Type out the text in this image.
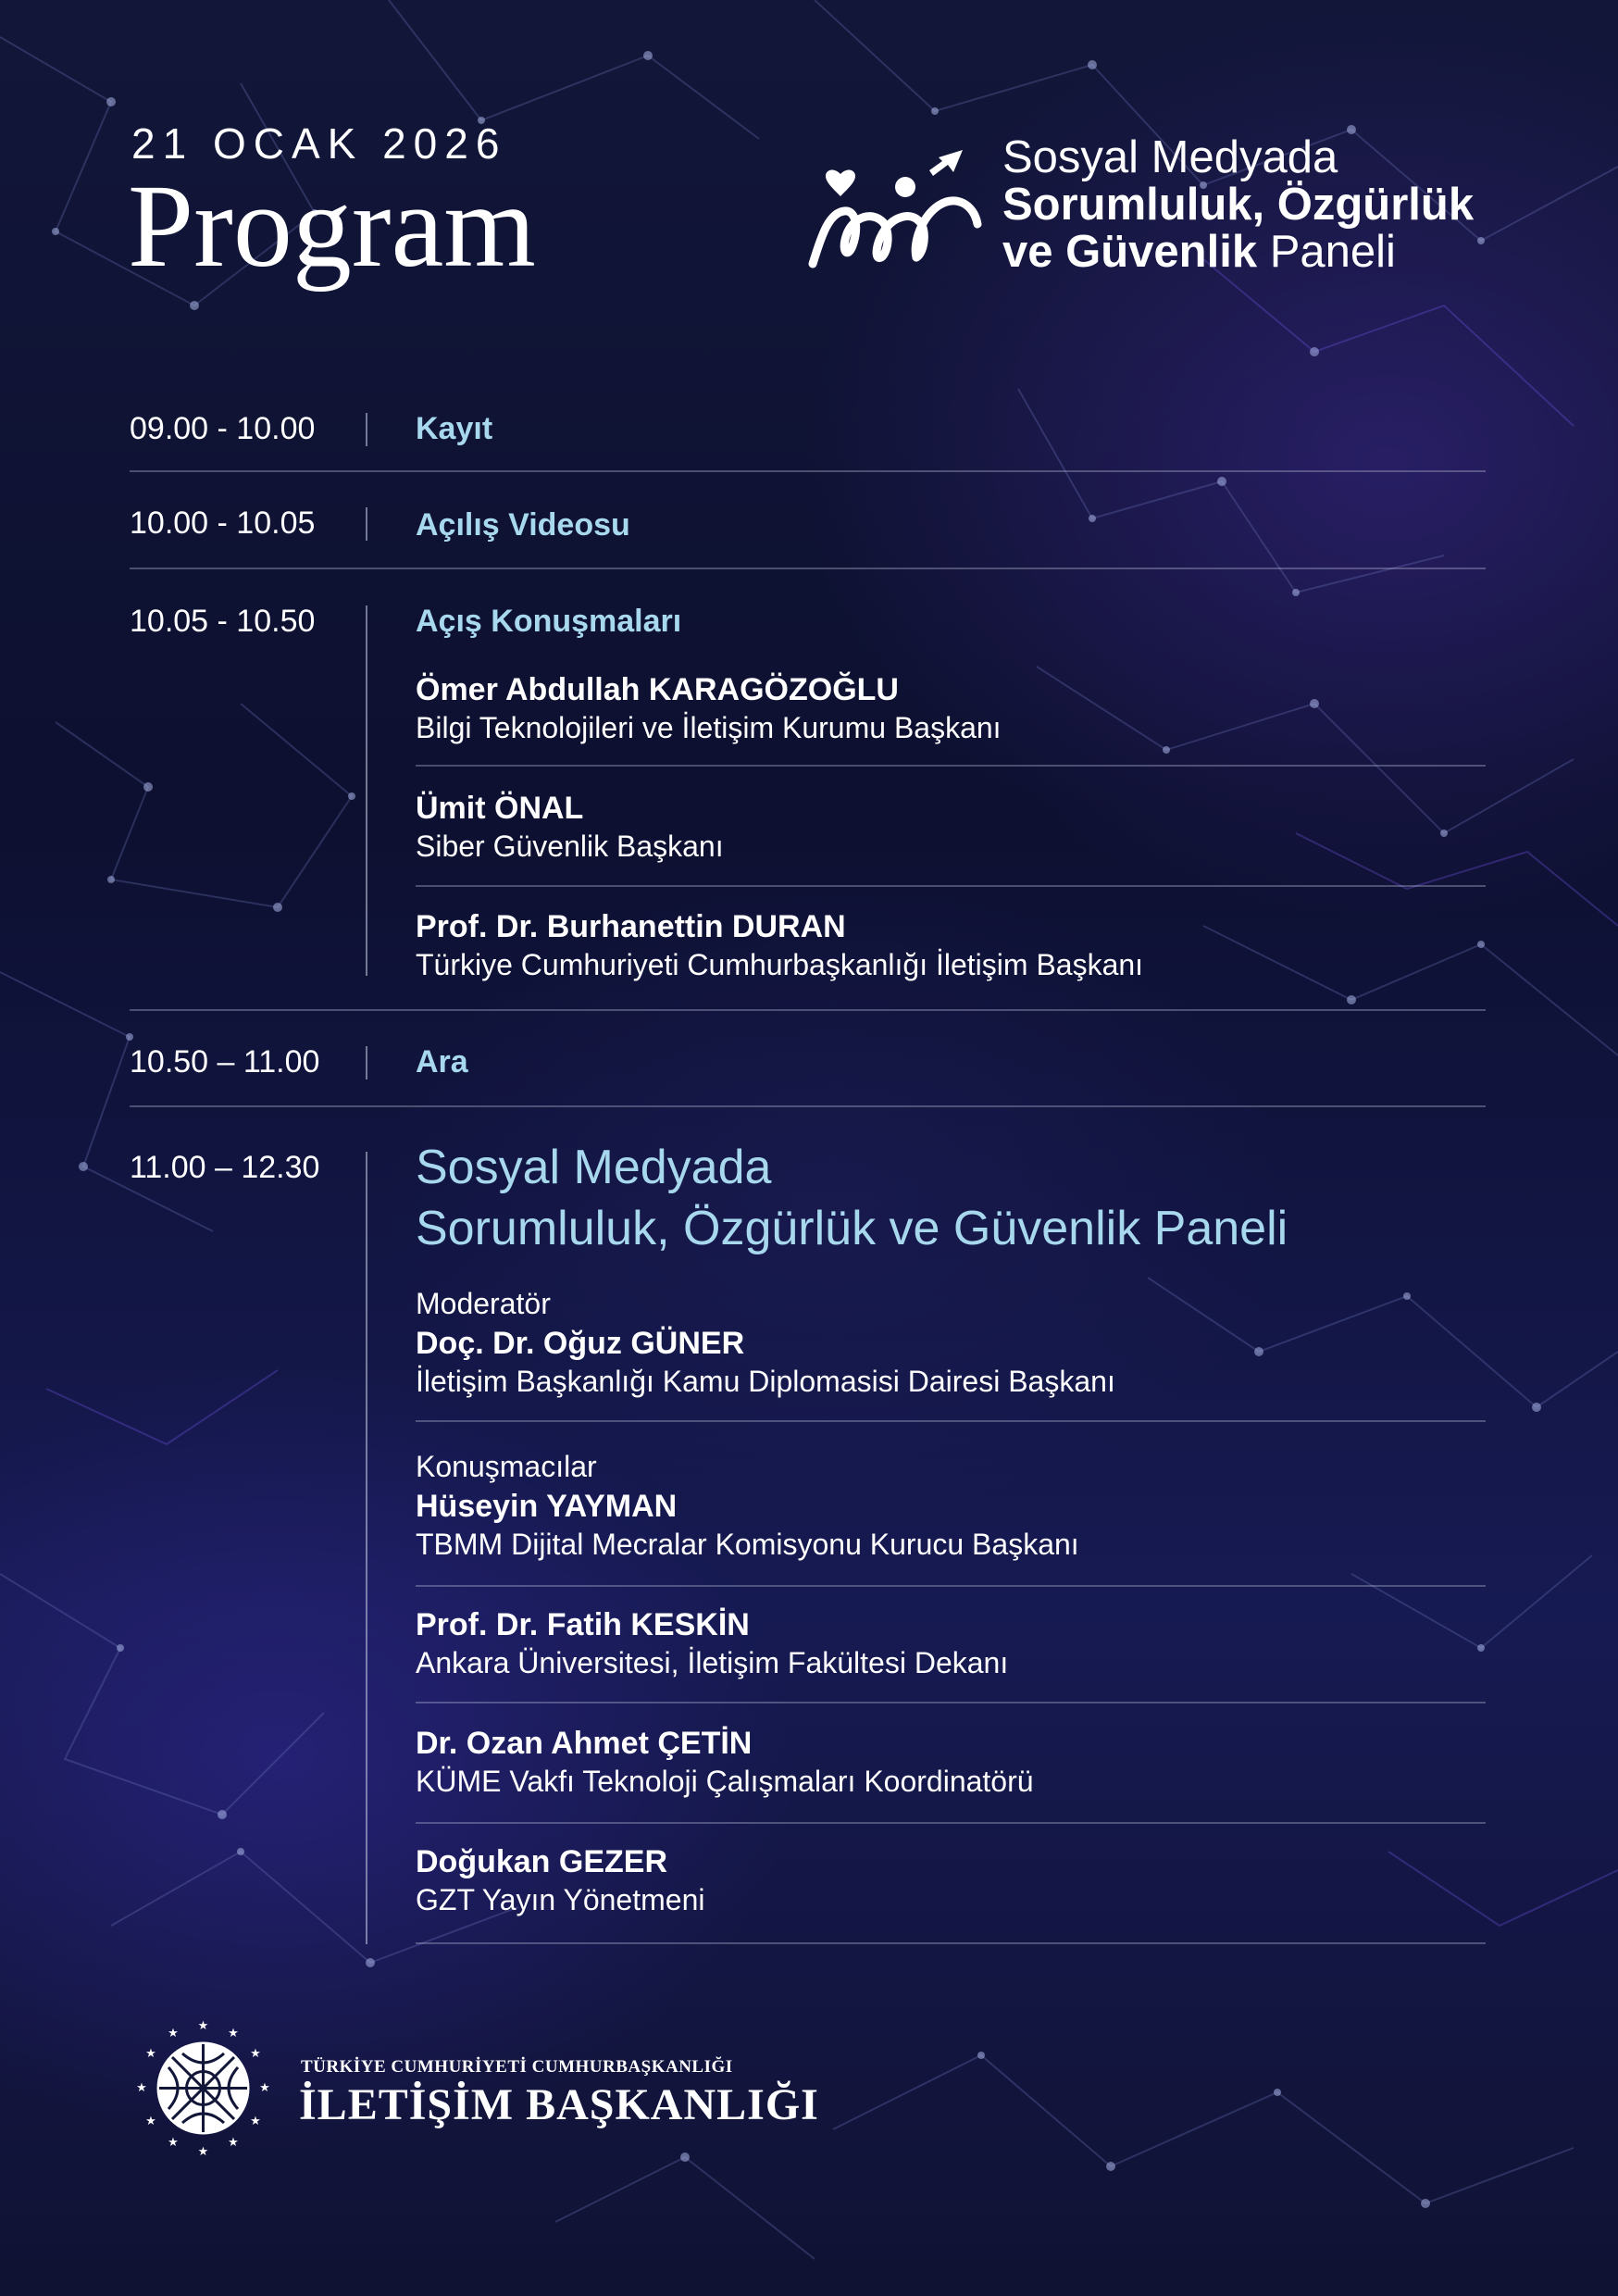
21 OCAK 2026
Program
Sosyal Medyada
Sorumluluk, Özgürlük
ve Güvenlik Paneli
09.00 - 10.00	Kayıt
10.00 - 10.05	Açılış Videosu
10.05 - 10.50	Açış Konuşmaları
Ömer Abdullah KARAGÖZOĞLU
Bilgi Teknolojileri ve İletişim Kurumu Başkanı
Ümit ÖNAL
Siber Güvenlik Başkanı
Prof. Dr. Burhanettin DURAN
Türkiye Cumhuriyeti Cumhurbaşkanlığı İletişim Başkanı
10.50 – 11.00	Ara
11.00 – 12.30 Sosyal Medyada
Sorumluluk, Özgürlük ve Güvenlik Paneli
Moderatör
Doç. Dr. Oğuz GÜNER
İletişim Başkanlığı Kamu Diplomasisi Dairesi Başkanı
Konuşmacılar
Hüseyin YAYMAN
TBMM Dijital Mecralar Komisyonu Kurucu Başkanı
Prof. Dr. Fatih KESKİN
Ankara Üniversitesi, İletişim Fakültesi Dekanı
Dr. Ozan Ahmet ÇETİN
KÜME Vakfı Teknoloji Çalışmaları Koordinatörü
Doğukan GEZER
GZT Yayın Yönetmeni
★
★
★
★
★
★
★
★
★
★
★
★
TÜRKİYE CUMHURİYETİ CUMHURBAŞKANLIĞI
İLETİŞİM BAŞKANLIĞI
